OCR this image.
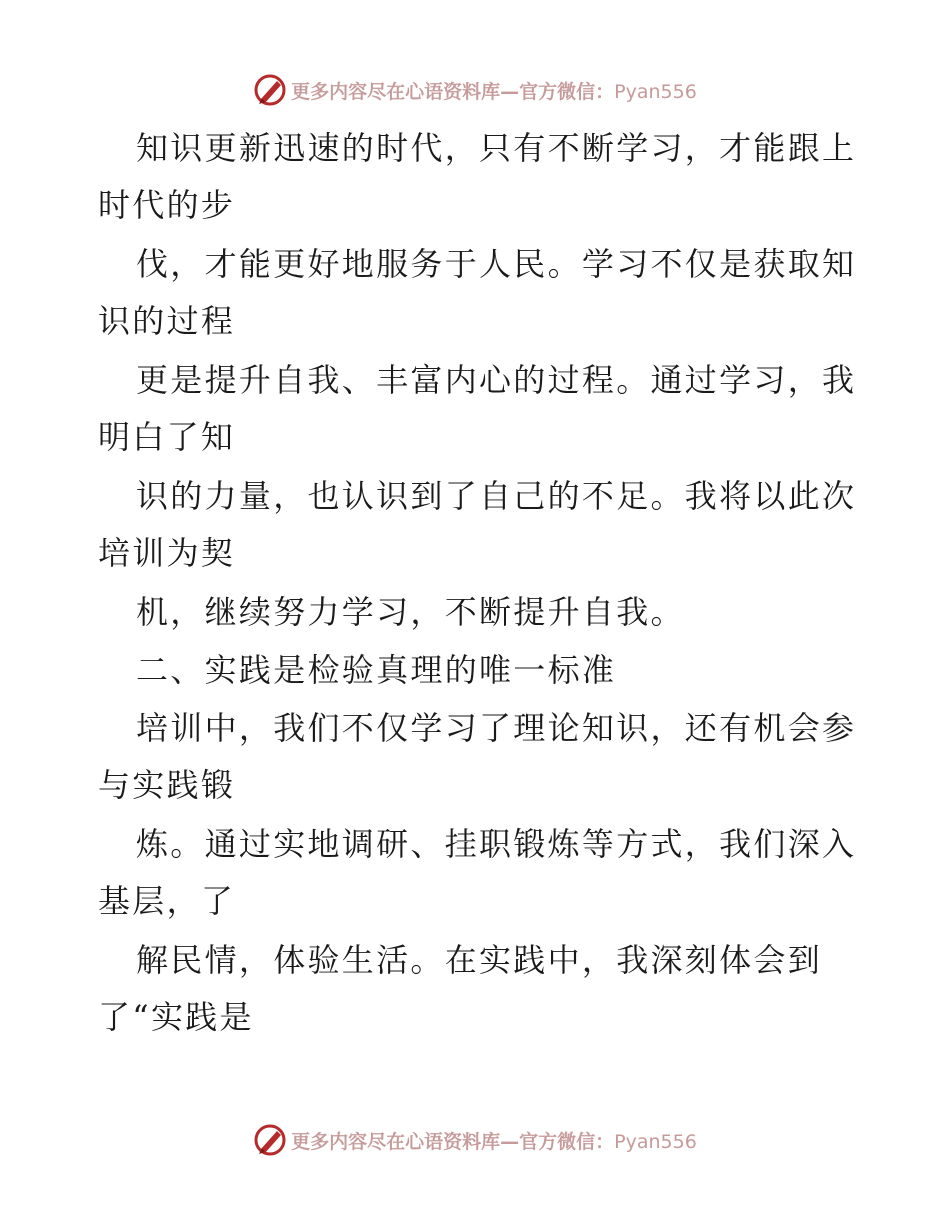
更多内容尽在心语资料库—官方微信：Pyan556
知识更新迅速的时代，只有不断学习，才能跟上
时代的步
伐，才能更好地服务于人民。学习不仅是获取知
识的过程
更是提升自我、丰富内心的过程。通过学习，我
明白了知
识的力量，也认识到了自己的不足。我将以此次
培训为契
机，继续努力学习，不断提升自我。
二、实践是检验真理的唯一标准
培训中，我们不仅学习了理论知识，还有机会参
与实践锻
炼。通过实地调研、挂职锻炼等方式，我们深入
基层，了
解民情，体验生活。在实践中，我深刻体会到
了“实践是
更多内容尽在心语资料库—官方微信：Pyan556
